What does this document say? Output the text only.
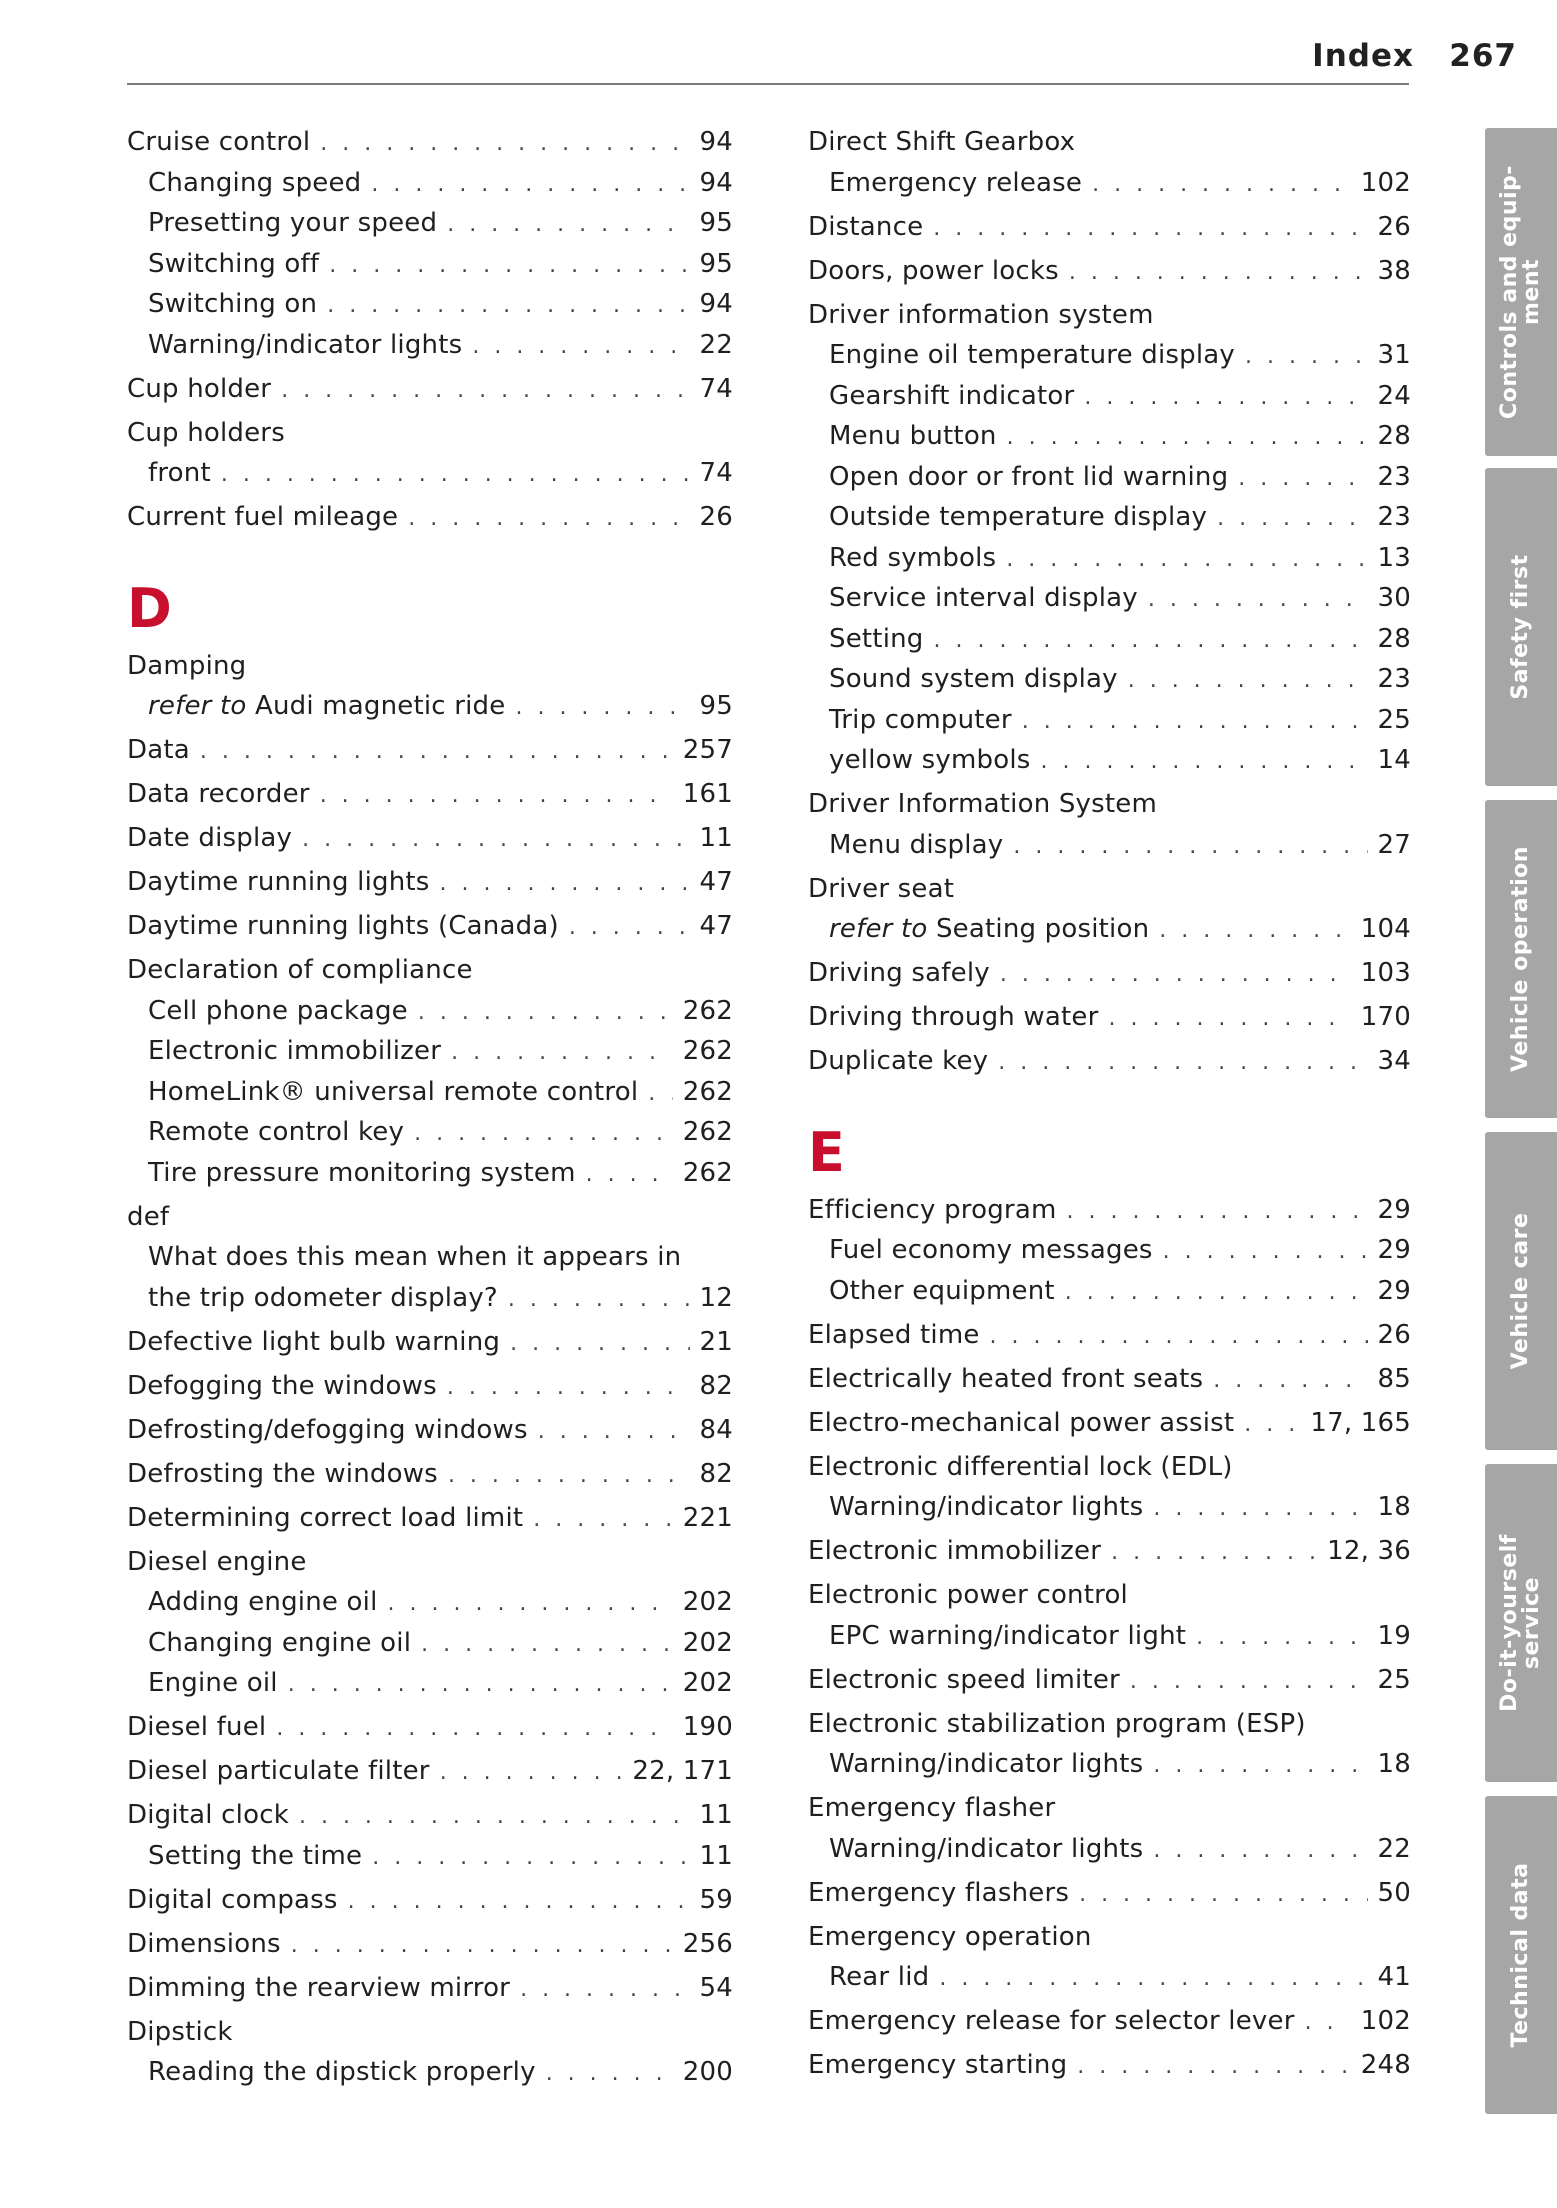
Index 267
Cruise control . . .	94
Changing speed . . .	94
Presetting your speed . . .	95
Switching off . . .	95
Switching on . . .	94
Warning/indicator lights . . .	22
Cup holder . . .	74
Cup holders
front . . .	74
Current fuel mileage . . .	26
D
Damping
refer to Audi magnetic ride . . .	95
Data . . .	257
Data recorder . . .	161
Date display . . .	11
Daytime running lights . . .	47
Daytime running lights (Canada) . . .	47
Declaration of compliance
Cell phone package . . .	262
Electronic immobilizer . . .	262
HomeLink® universal remote control . . . 262
Remote control key . . .	262
Tire pressure monitoring system . . .	262
def
What does this mean when it appears in
the trip odometer display? . . .	12
Defective light bulb warning . . .	21
Defogging the windows . . .	82
Defrosting/defogging windows . . .	84
Defrosting the windows . . .	82
Determining correct load limit . . .	221
Diesel engine
Adding engine oil . . .	202
Changing engine oil . . .	202
Engine oil . . .	202
Diesel fuel . . .	190
Diesel particulate filter . . .	22, 171
Digital clock . . .	11
Setting the time . . .	11
Digital compass . . .	59
Dimensions . . .	256
Dimming the rearview mirror . . .	54
Dipstick
Reading the dipstick properly . . .	200
Direct Shift Gearbox
Emergency release . . .	102
Distance . . .	26
Doors, power locks . . .	38
Driver information system
Engine oil temperature display . . .	31
Gearshift indicator . . .	24
Menu button . . .	28
Open door or front lid warning . . .	23
Outside temperature display . . .	23
Red symbols . . .	13
Service interval display . . .	30
Setting . . .	28
Sound system display . . .	23
Trip computer . . .	25
yellow symbols . . .	14
Driver Information System
Menu display . . .	27
Driver seat
refer to Seating position . . .	104
Driving safely . . .	103
Driving through water . . .	170
Duplicate key . . .	34
E
Efficiency program . . .	29
Fuel economy messages . . .	29
Other equipment . . .	29
Elapsed time . . .	26
Electrically heated front seats . . .	85
Electro-mechanical power assist . . .	17, 165
Electronic differential lock (EDL)
Warning/indicator lights . . .	18
Electronic immobilizer . . .	12, 36
Electronic power control
EPC warning/indicator light . . .	19
Electronic speed limiter . . .	25
Electronic stabilization program (ESP)
Warning/indicator lights . . .	18
Emergency flasher
Warning/indicator lights . . .	22
Emergency flashers . . .	50
Emergency operation
Rear lid . . .	41
Emergency release for selector lever . . .	102
Emergency starting . . .	248
Controls and equip-
ment
Safety first
Vehicle operation
Vehicle care
Do-it-yourself
service
Technical data
